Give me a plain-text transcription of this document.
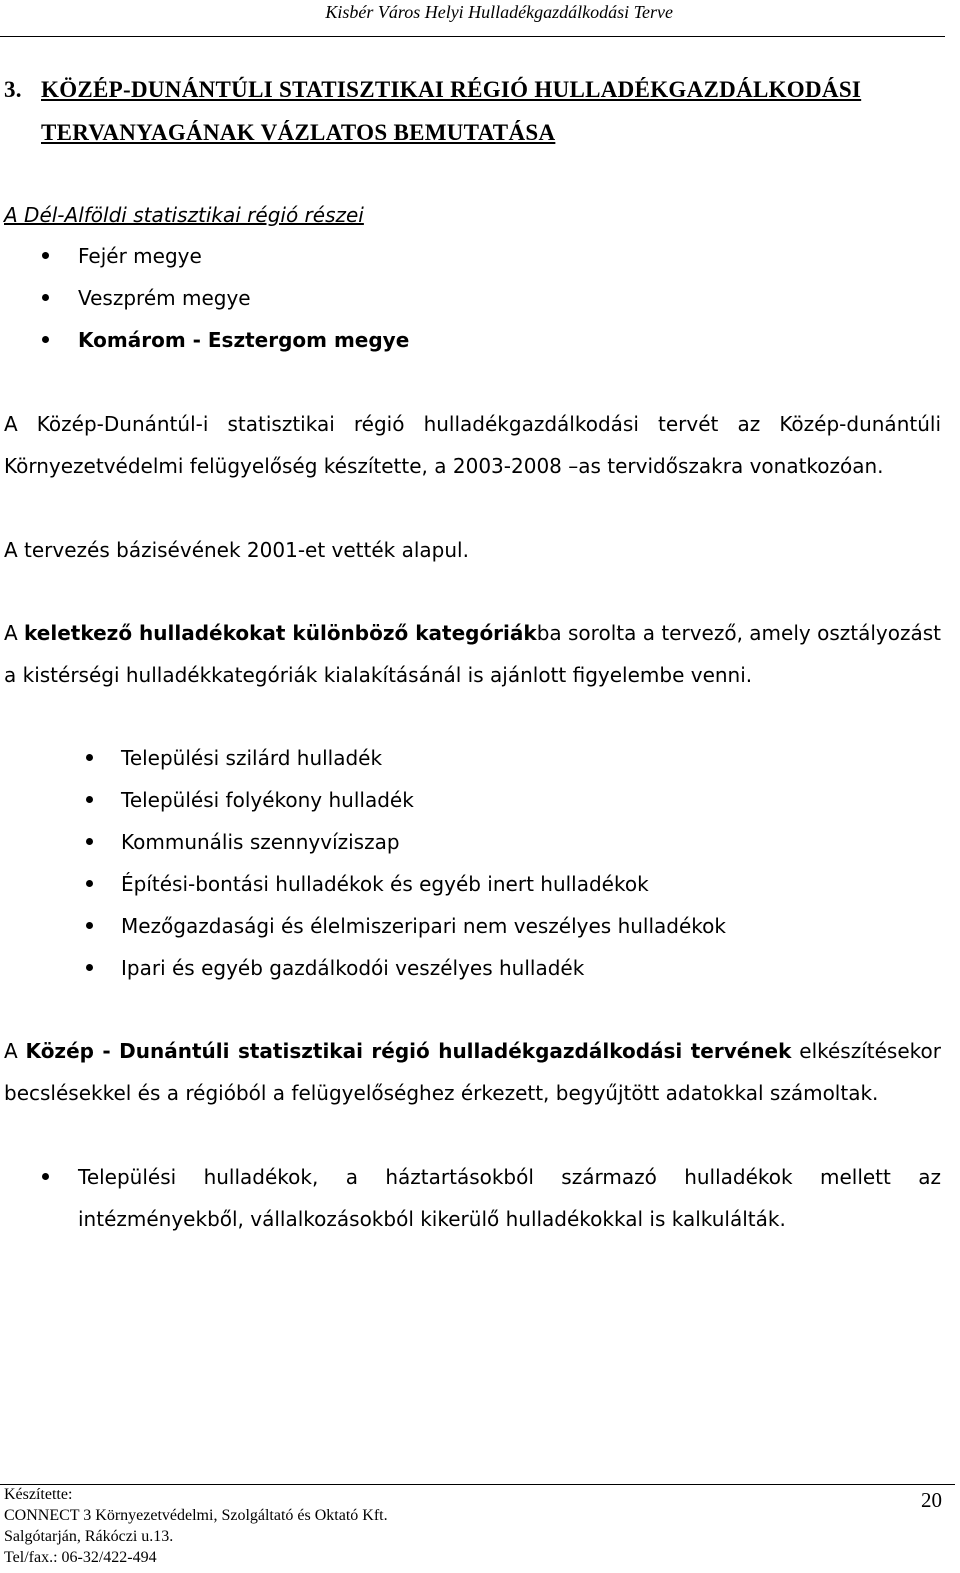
Kisbér Város Helyi Hulladékgazdálkodási Terve
3. KÖZÉP-DUNÁNTÚLI STATISZTIKAI RÉGIÓ HULLADÉKGAZDÁLKODÁSI TERVANYAGÁNAK VÁZLATOS BEMUTATÁSA
A Dél-Alföldi statisztikai régió részei
Fejér megye
Veszprém megye
Komárom - Esztergom megye

A Közép-Dunántúl-i statisztikai régió hulladékgazdálkodási tervét az Közép-dunántúli Környezetvédelmi felügyelőség készítette, a 2003-2008 –as tervidőszakra vonatkozóan.

A tervezés bázisévének 2001-et vették alapul.

A keletkező hulladékokat különböző kategóriákba sorolta a tervező, amely osztályozást a kistérségi hulladékkategóriák kialakításánál is ajánlott figyelembe venni.

Települési szilárd hulladék
Települési folyékony hulladék
Kommunális szennyvíziszap
Építési-bontási hulladékok és egyéb inert hulladékok
Mezőgazdasági és élelmiszeripari nem veszélyes hulladékok
Ipari és egyéb gazdálkodói veszélyes hulladék

A Közép - Dunántúli statisztikai régió hulladékgazdálkodási tervének elkészítésekor becslésekkel és a régióból a felügyelőséghez érkezett, begyűjtött adatokkal számoltak.

Települési hulladékok, a háztartásokból származó hulladékok mellett az intézményekből, vállalkozásokból kikerülő hulladékokkal is kalkulálták.
Készítette:
CONNECT 3 Környezetvédelmi, Szolgáltató és Oktató Kft.
Salgótarján, Rákóczi u.13.
Tel/fax.: 06-32/422-494
20
